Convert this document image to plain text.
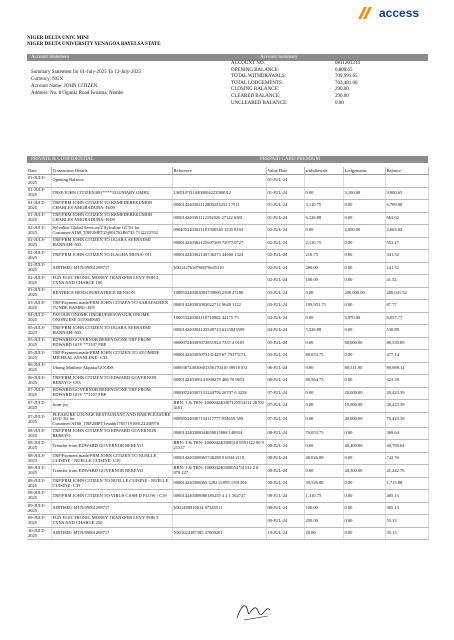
access
NIGER DELTA UNIV. MINI
NIGER DELTA UNIVERSITY YENAGOA BAYELSA STATE
Account Statement	Account Summary
Summary Statement for 01-July-2025 To 12-July-2025
Currency: NGN
Account Name: JOHN CITIZEN
Address: No. 8 Ogunki Road Iwoama, Nembe
ACCOUNT NO.	0811203314
OPENING BALANCE:	6,800.65
TOTAL WITHDRAWALS:	709,991.65
TOTAL LODGEMENTS:	703,481.00
CLOSING BALANCE:	290.00
CLEARED BALANCE:	290.00
UNCLEARED BALANCE:	0.00
PRIVATE & CONFIDENTIAL	PREPAID CARD PREMIUM
Date	Transaction Details	Reference	Value Date	withdrawals	Lodgements	Balance
01-JULY-2025	Opening Balance		01-JUL-24			
01-JULY-2025	TRSF/JOHN CITIZEN/081****3314/MARY OMBU	USDLFT11440000422358S912	01-JUL-24	0.00	3,100.00	9,900.65
01-JULY-2025	TRF/FRM JOHN CITIZEN TO KEMEDEREKUMOR CHARLES AMGBADUBA- B/09	000014240302112809253252 17511	01-JUL-24	3,110.75	0.00	6,789.90
01-JULY-2025	TRF/FRM JOHN CITIZEN TO KEMEDEREKUMOR CHARLES AMGBADUBA- B/09	000014240301112192026 27122 6381	01-JUL-24	6,126.88	0.00	663.02
02-JULY-2025	Sylvaline Global Services/2 Sylvaline GI Trf for Customer/AT68_TRF2MPT25j001763B6733 7112215552	0904052403021101590540 1535 8104	02-JUL-24	0.00	2,000.00	2,663.02
02-JULY-2025	TRF/FRM JOHN CITIZEN TO OGARA AYEBAEMI HANNAH- 033	000014240302125607269 72977 0727	02-JUL-24	2,110.75	0.00	552.27
02-JULY-2025	TRF/FRM JOHN CITIZEN TO ILAGHA MUNA- 011	000014240302140736273 44660 1324	02-JUL-24	210.75	0.00	341.52
02-JULY-2025	AIRTIME/ MTN/09061298717	NXG427630768076645110	02-JUL-24	200.00	0.00	141.52
02-JULY-2025	FGN ELECTRONIC MONEY TRANSFER LEVY FOR 2 TXNS AND CHARGE 100		02-JUL-24	100.00	0.00	41.52
03-JULY-2025	BEATRICE BENSON/BEATRICE BENSON	100053240303084739000 2398 47186	03-JUL-24	0.00	200,000.00	200,041.52
03-JULY-2025	TRF/Payment made/FRM JOHN CITIZEN TO SARAFADEEN TUNDE BASIRU- B/9	000014240303092022712 9648 1122	03-JUL-24	199,953.75	0.00	87.77
04-JULY-2025	FAVOUR ONOME ONORUESE/FAVOUR ONOME ONORUESE 0159040683	100053240304110710002 44175 75	04-JUL-24	0.00	5,970.00	6,057.77
05-JULY-2025	TRF/FRM JOHN CITIZEN TO OGARA AYEBAEMI HANNAH- 033	000014240304123549723 6123043599	04-JUL-24	5,526.88	0.00	530.89
05-JULY-2025	EDWARD/GOVERNOR BEREYO/ONE TRF FROM EDWARD GOV **3107 FBP	000007240305072851924 7337 4 0105	05-JUL-24	0.00	80,000.00	80,530.89
05-JULY-2025	TRF/Payment made/FRM JOHN CITIZEN TO AYOMIDE MICHEAL AYANLEKE- C33	000014240305073131429 67 79375174	05-JUL-24	80,053.75	0.00	477.14
06-JULY-2025	Ubong Matthew Akpaka/GOODS	000036724030601356170410 39918 031	06-JUL-24	0.00	80,511.00	80,988.14
06-JULY-2025	TRF/FRM JOHN CITIZEN TO EDWARD GOVERNOR BEREYO- C03	000014240306141000278 466 70 9653	06-JUL-24	80,564.75	0.00	423.39
07-JULY-2025	EDWARD/GOVERNOR BEREYO/ONE TRF FROM EDWARD GOV **3107 FBP	000007240307133244756 26707 0 3258	07-JUL-24	0.00	20,000.00	20,423.39
07-JULY-2025	from:joy	RRN: 1 & TRN: 100004240307125934112 26702 4161	07-JUL-24	0.00	10,000.00	30,423.39
07-JULY-2025	PLEASURE LOUNGE RESTAURANT AND BAR/PLEASURE LOU Trf for Customer/AT68_TRF2MPT1enahh1765719169122450976	000905240307134117777 954659 389	07-JUL-24	0.00	40,000.00	70,423.39
08-JULY-2025	TRF/FRM JOHN CITIZEN TO EDWARD GOVERNOR BEREYO	000014240308044659015068 148934	08-JUL-24	70,053.75	0.00	369.64
08-JULY-2025	Transfer from EDWARD GOVERNOR BEREYO	RRN: 1 & TRN: 100004240308510 9591122 80 9 21537	08-JUL-24	0.00	40,400.00	40,769.64
08-JULY-2025	TRF/Payment made/FRM JOHN CITIZEN TO NUELLE CUISINE - NUELLE CUISINE- C39	000014240308065748288 0 6944 2119	08-JUL-24	40,026.88	0.00	742.76
08-JULY-2025	Transfer from EDWARD GOVERNOR BEREYO	RRN: 1 & TRN: 100004240308654751512 2 8 879 227	08-JUL-24	0.00	40,500.00	41,242.76
08-JULY-2025	TRF/FRM JOHN CITIZEN TO NUELLE CUISINE - NUELLE CUISINE- C39	000014240308065 3282 21095 1591304	08-JUL-24	39,526.88	0.00	1,715.88
08-JULY-2025	TRF/FRM JOHN CITIZEN TO VIRUS CASH D FLOW - C39	000014240308080185255 4 2 1 502747	08-JUL-24	1,310.75	0.00	405.13
09-JULY-2025	AIRTIME/ MTN/09061298717	NXG480816034 07345511	08-JUL-24	100.00	0.00	305.13
09-JULY-2025	FGN ELECTRONIC MONEY TRANSFER LEVY FOR 5 TXNS AND CHARGE 250		09-JUL-24	250.00	0.00	55.13
10-JULY-2025	AIRTIME/ MTN/09061298717	NXG624187395 37009201	10-JUL-24	20.00	0.00	35.13
